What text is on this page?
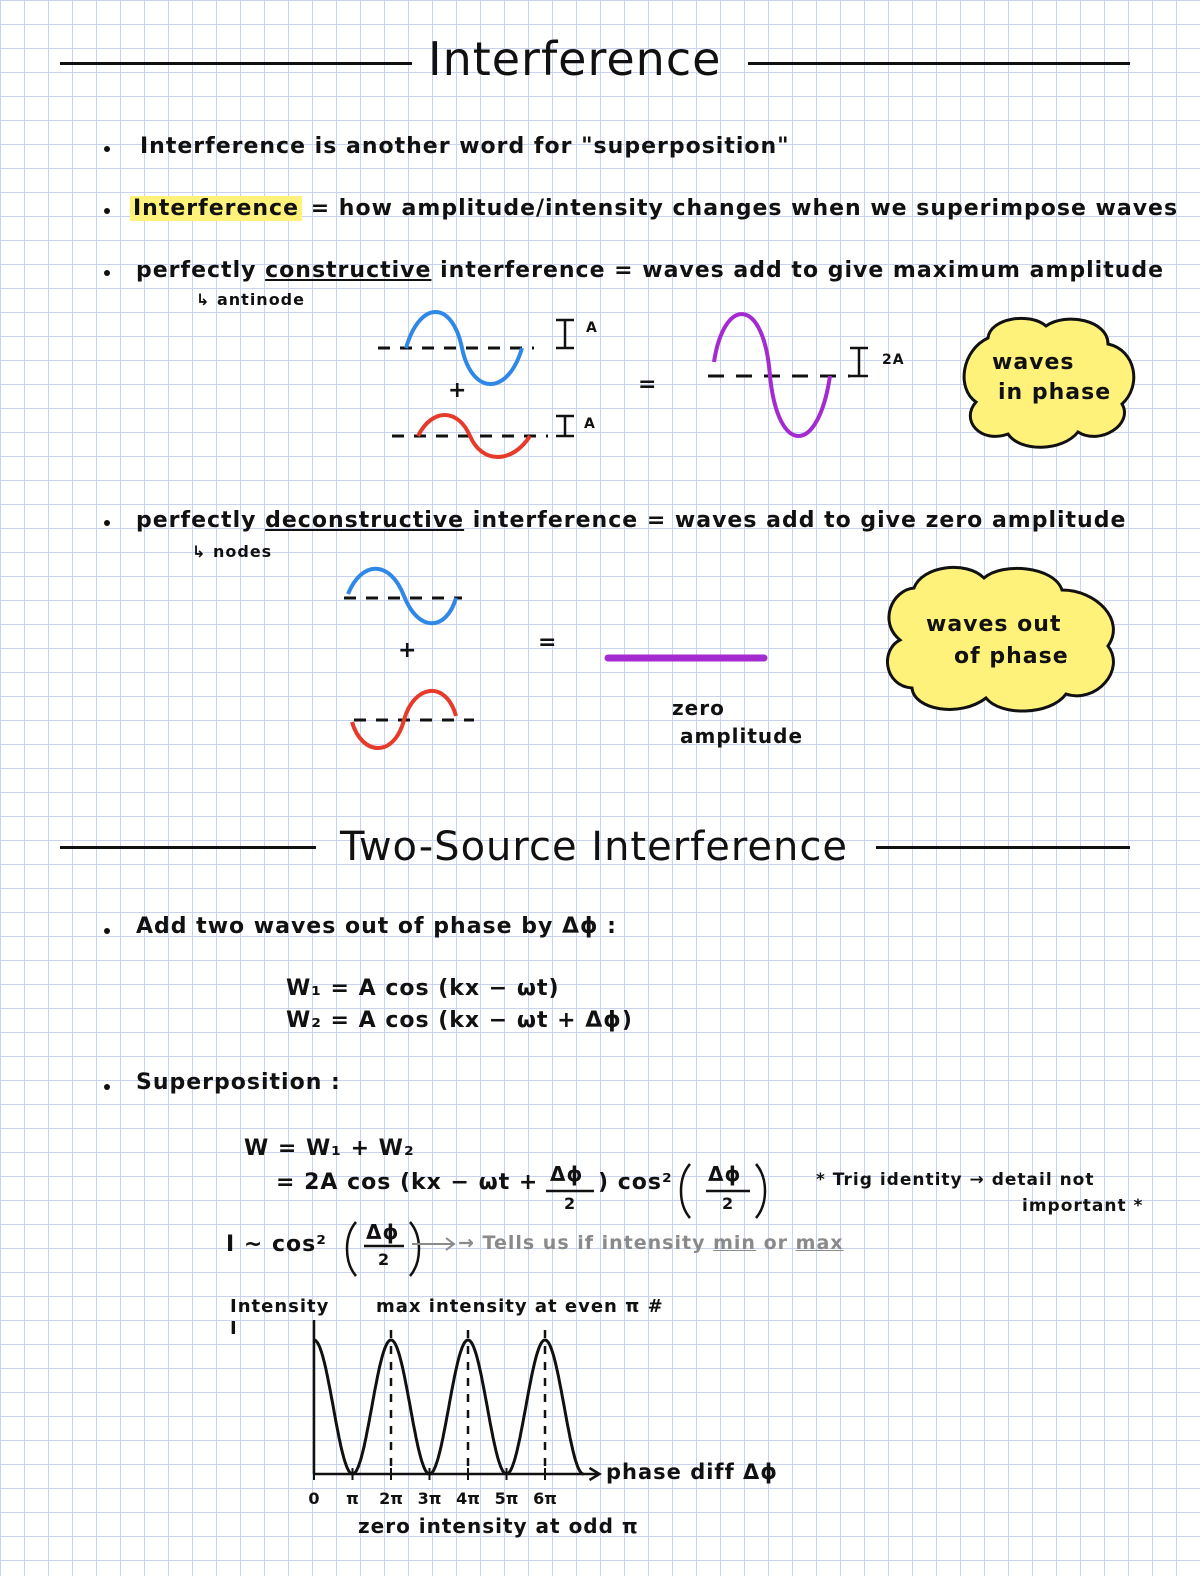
Interference
Interference is another word for "superposition"
Interference = how amplitude/intensity changes when we superimpose waves
perfectly constructive interference = waves add to give maximum amplitude
↳ antinode
A
A
2A
+	=
waves
in phase
perfectly deconstructive interference = waves add to give zero amplitude
↳ nodes
+	=
zero
amplitude
waves out
of phase
Two-Source Interference
Add two waves out of phase by Δϕ :
W₁ = A cos (kx − ωt)
W₂ = A cos (kx − ωt + Δϕ)
Superposition :
W = W₁ + W₂
= 2A cos (kx − ωt + Δϕ
2
) cos² Δϕ
2
* Trig identity → detail not
important *
I ~ cos² Δϕ
2
→ Tells us if intensity min or max
0 π 2π 3π 4π 5π 6π
Intensity I
max intensity at even π #
phase diff Δϕ
zero intensity at odd π
